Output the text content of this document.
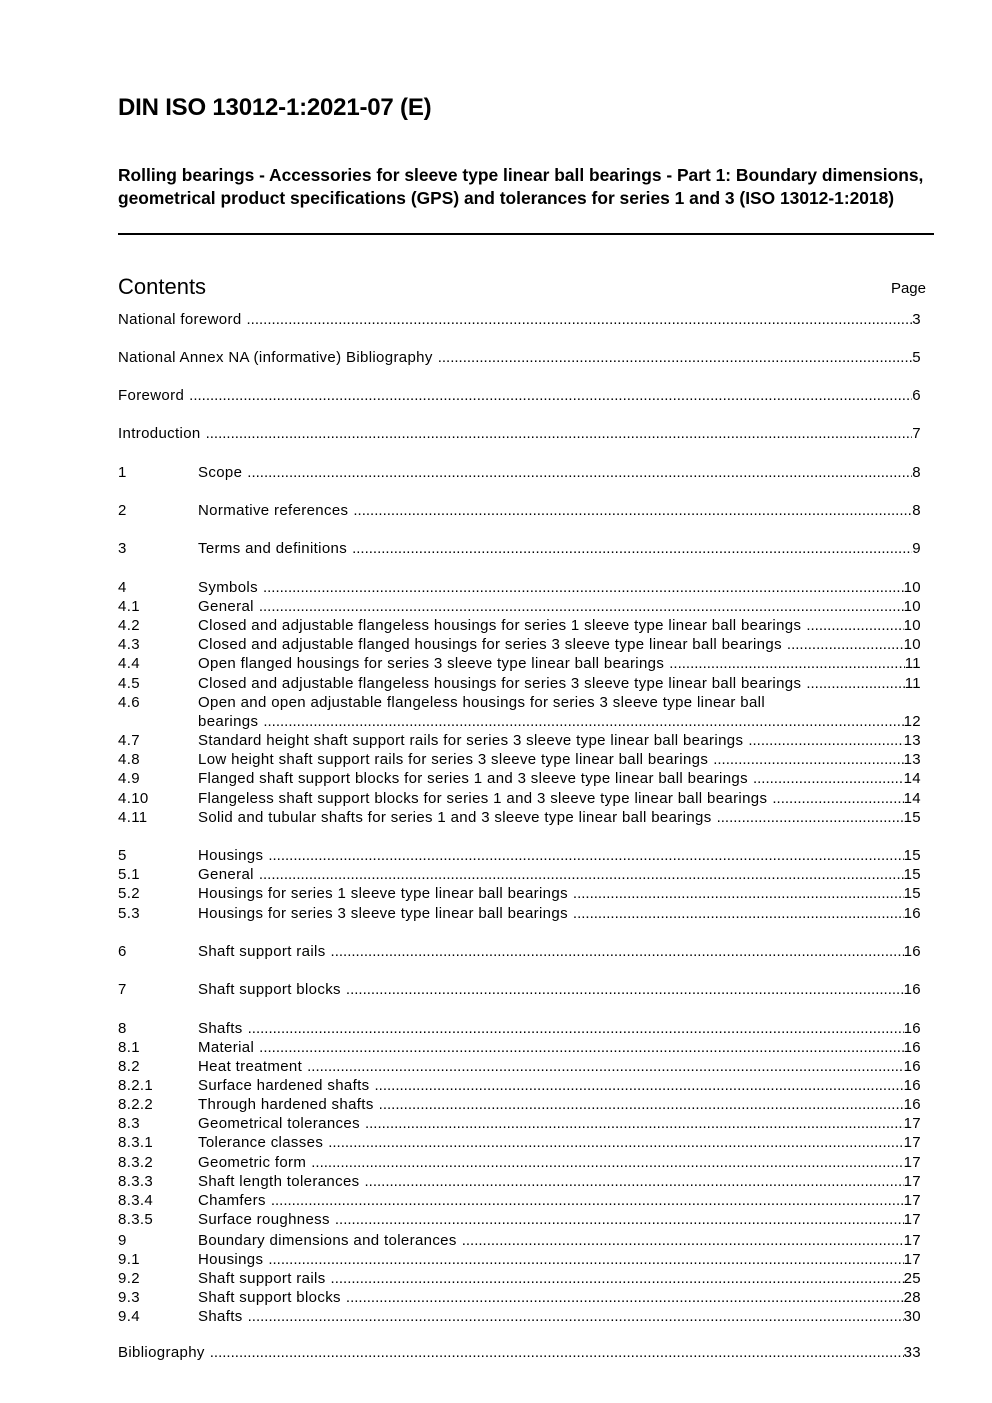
DIN ISO 13012-1:2021-07 (E)

Rolling bearings - Accessories for sleeve type linear ball bearings - Part 1: Boundary dimensions, geometrical product specifications (GPS) and tolerances for series 1 and 3 (ISO 13012-1:2018)

Contents	Page
National foreword .....	3
National Annex NA (informative) Bibliography .....	5
Foreword .....	6
Introduction .....	7
1	Scope .....	8
2	Normative references .....	8
3	Terms and definitions .....	9
4	Symbols .....	10
4.1	General .....	10
4.2	Closed and adjustable flangeless housings for series 1 sleeve type linear ball bearings .....	10
4.3	Closed and adjustable flanged housings for series 3 sleeve type linear ball bearings .....	10
4.4	Open flanged housings for series 3 sleeve type linear ball bearings .....	11
4.5	Closed and adjustable flangeless housings for series 3 sleeve type linear ball bearings .....	11
4.6	Open and open adjustable flangeless housings for series 3 sleeve type linear ball
bearings .....	12
4.7	Standard height shaft support rails for series 3 sleeve type linear ball bearings .....	13
4.8	Low height shaft support rails for series 3 sleeve type linear ball bearings .....	13
4.9	Flanged shaft support blocks for series 1 and 3 sleeve type linear ball bearings .....	14
4.10	Flangeless shaft support blocks for series 1 and 3 sleeve type linear ball bearings .....	14
4.11	Solid and tubular shafts for series 1 and 3 sleeve type linear ball bearings .....	15
5	Housings .....	15
5.1	General .....	15
5.2	Housings for series 1 sleeve type linear ball bearings .....	15
5.3	Housings for series 3 sleeve type linear ball bearings .....	16
6	Shaft support rails .....	16
7	Shaft support blocks .....	16
8	Shafts .....	16
8.1	Material .....	16
8.2	Heat treatment .....	16
8.2.1	Surface hardened shafts .....	16
8.2.2	Through hardened shafts .....	16
8.3	Geometrical tolerances .....	17
8.3.1	Tolerance classes .....	17
8.3.2	Geometric form .....	17
8.3.3	Shaft length tolerances .....	17
8.3.4	Chamfers .....	17
8.3.5	Surface roughness .....	17
9	Boundary dimensions and tolerances .....	17
9.1	Housings .....	17
9.2	Shaft support rails .....	25
9.3	Shaft support blocks .....	28
9.4	Shafts .....	30
Bibliography .....	33
